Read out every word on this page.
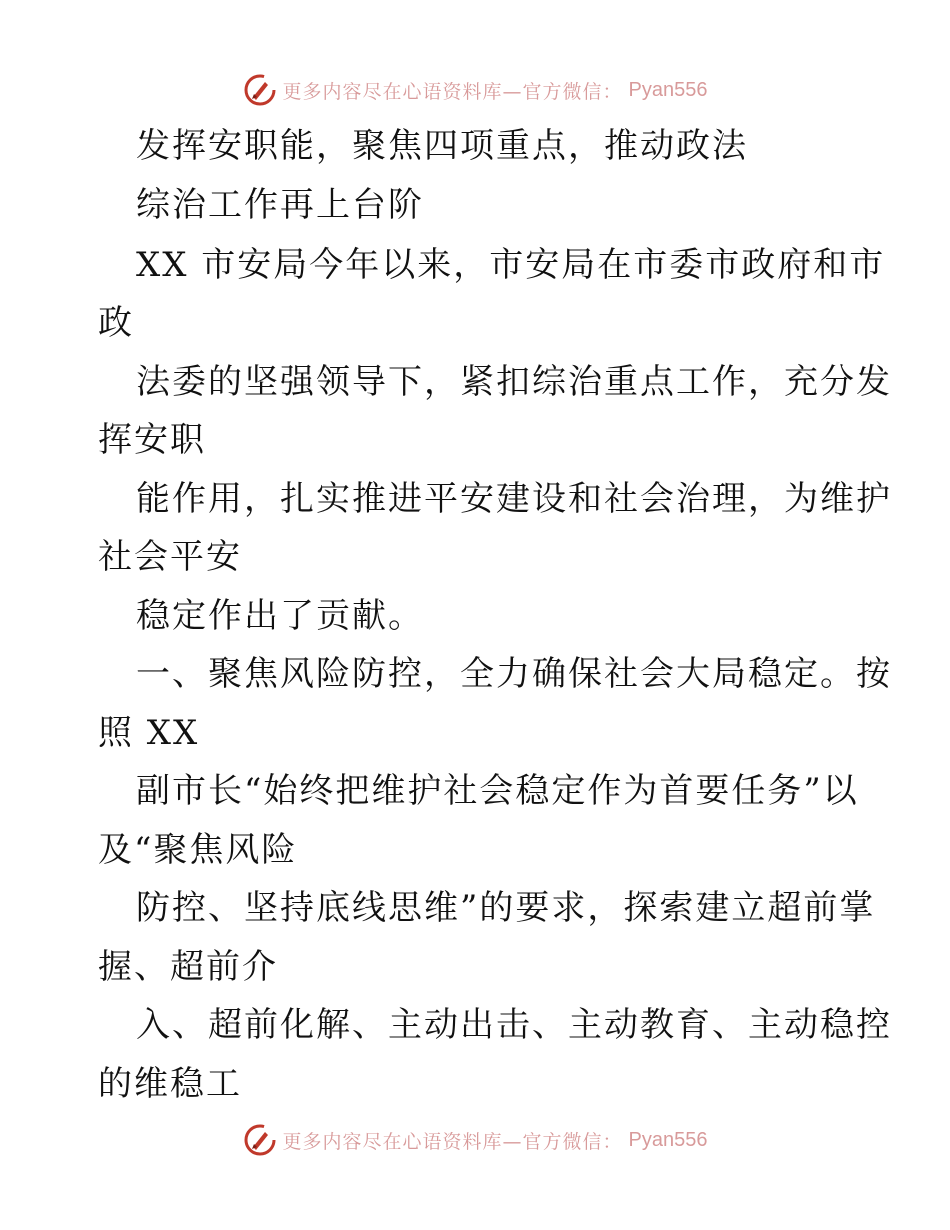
更多内容尽在心语资料库—官方微信： Pyan556
发挥安职能，聚焦四项重点，推动政法
综治工作再上台阶
XX 市安局今年以来，市安局在市委市政府和市
政
法委的坚强领导下，紧扣综治重点工作，充分发
挥安职
能作用，扎实推进平安建设和社会治理，为维护
社会平安
稳定作出了贡献。
一、聚焦风险防控，全力确保社会大局稳定。按
照 XX
副市长“始终把维护社会稳定作为首要任务”以
及“聚焦风险
防控、坚持底线思维”的要求，探索建立超前掌
握、超前介
入、超前化解、主动出击、主动教育、主动稳控
的维稳工
更多内容尽在心语资料库—官方微信： Pyan556
